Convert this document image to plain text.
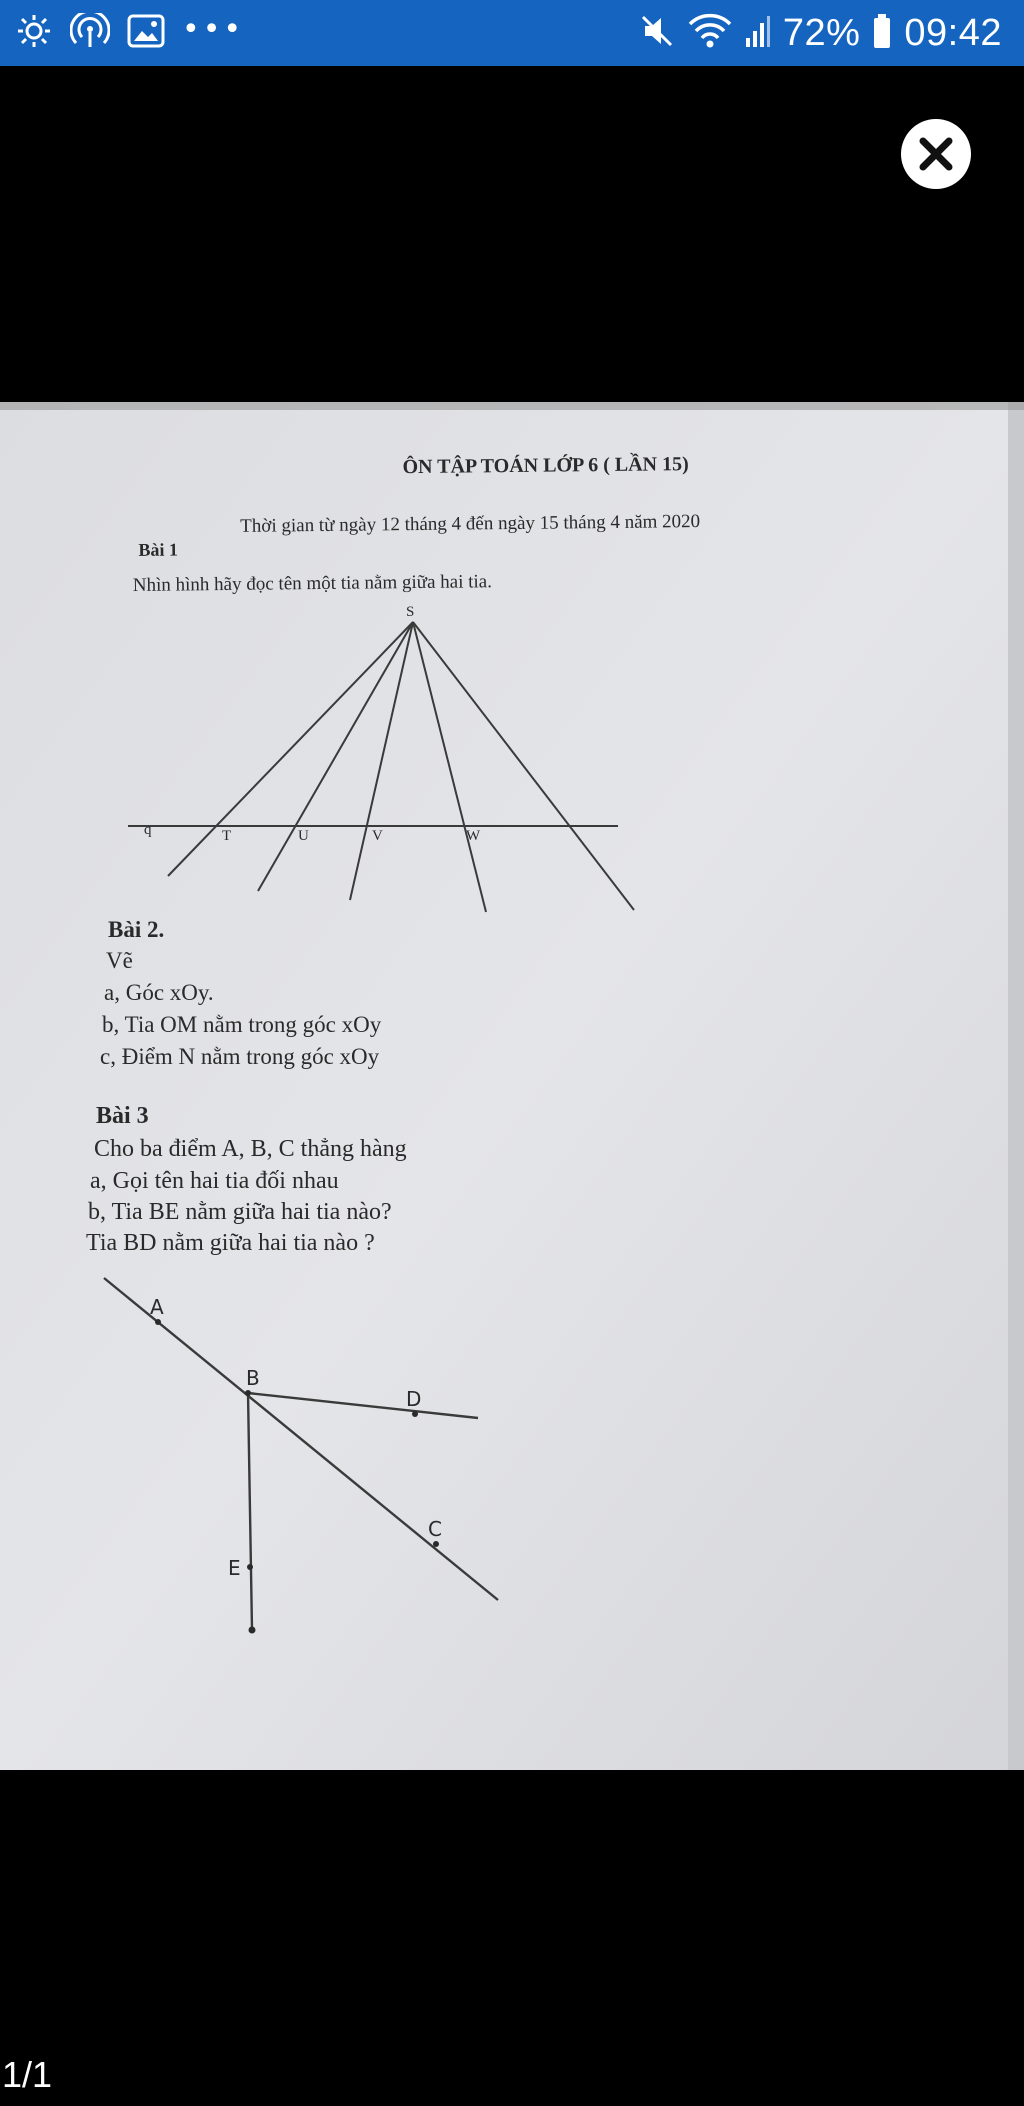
•••	72% 09:42
ÔN TẬP TOÁN LỚP 6 ( LẦN 15)
Thời gian từ ngày 12 tháng 4 đến ngày 15 tháng 4 năm 2020
Bài 1
Nhìn hình hãy đọc tên một tia nằm giữa hai tia.
S
q	T	U	V	W
Bài 2.
Vẽ
a, Góc xOy.
b, Tia OM nằm trong góc xOy
c, Điểm N nằm trong góc xOy
Bài 3
Cho ba điểm A, B, C thẳng hàng
a, Gọi tên hai tia đối nhau
b, Tia BE nằm giữa hai tia nào?
Tia BD nằm giữa hai tia nào ?
A
B
D
C
E
1/1
